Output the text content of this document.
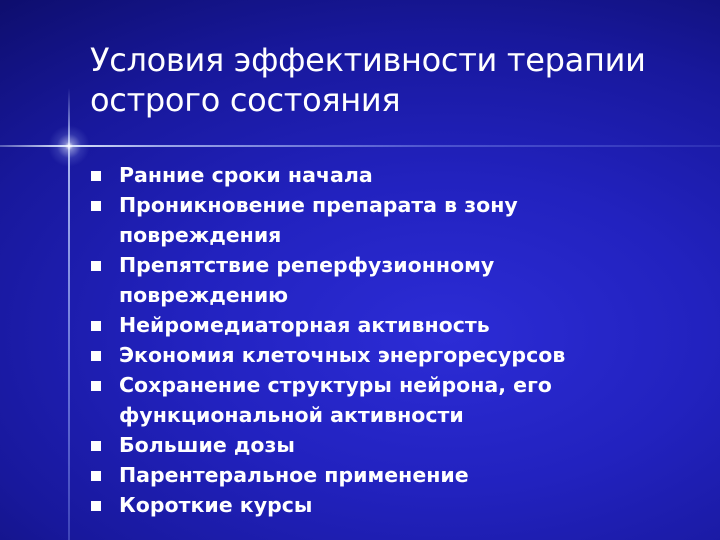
Условия эффективности терапии
острого состояния
Ранние сроки начала
Проникновение препарата в зону
повреждения
Препятствие реперфузионному
повреждению
Нейромедиаторная активность
Экономия клеточных энергоресурсов
Сохранение структуры нейрона, его
функциональной активности
Большие дозы
Парентеральное применение
Короткие курсы
